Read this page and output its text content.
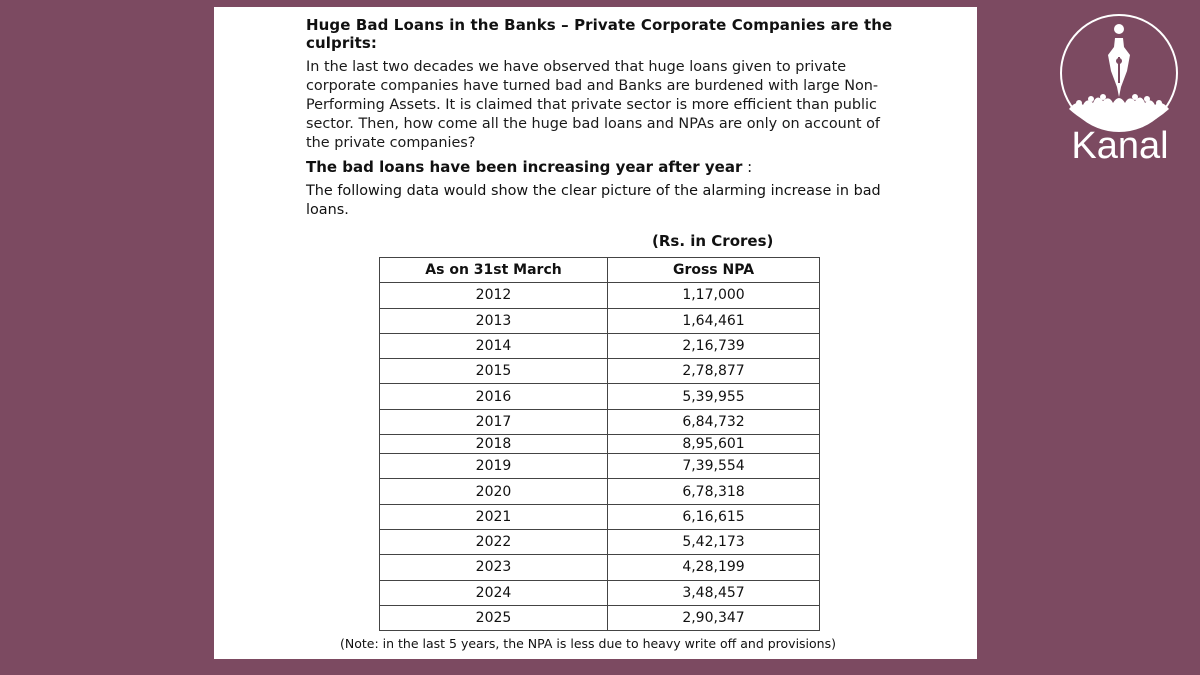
Huge Bad Loans in the Banks – Private Corporate Companies are the culprits:

In the last two decades we have observed that huge loans given to private corporate companies have turned bad and Banks are burdened with large Non-Performing Assets. It is claimed that private sector is more efficient than public sector. Then, how come all the huge bad loans and NPAs are only on account of the private companies?

The bad loans have been increasing year after year :

The following data would show the clear picture of the alarming increase in bad loans.

(Rs. in Crores)
As on 31st March	Gross NPA
2012	1,17,000
2013	1,64,461
2014	2,16,739
2015	2,78,877
2016	5,39,955
2017	6,84,732
2018	8,95,601
2019	7,39,554
2020	6,78,318
2021	6,16,615
2022	5,42,173
2023	4,28,199
2024	3,48,457
2025	2,90,347
(Note: in the last 5 years, the NPA is less due to heavy write off and provisions)
Kanal
